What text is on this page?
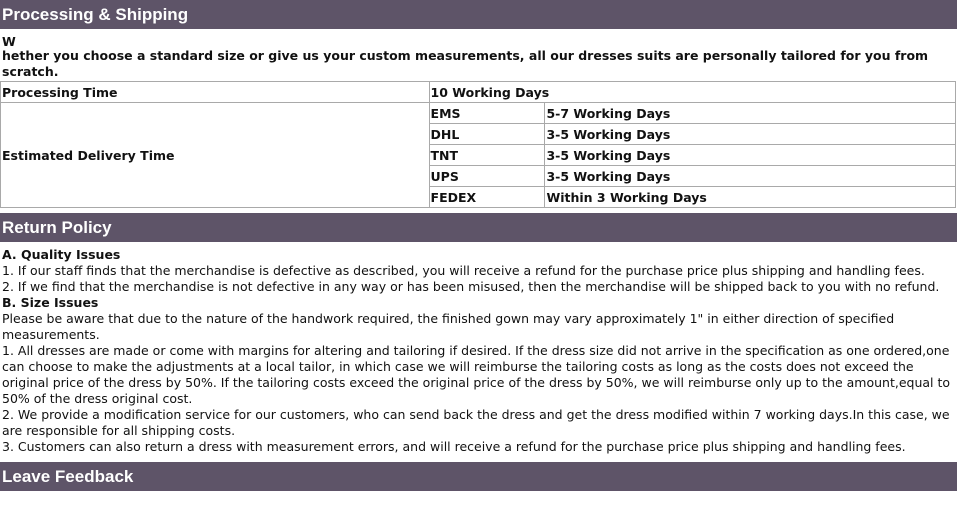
Processing & Shipping
W
hether you choose a standard size or give us your custom measurements, all our dresses suits are personally tailored for you from scratch.
Processing Time	10 Working Days	
Estimated Delivery Time	EMS	5-7 Working Days
	DHL	3-5 Working Days
	TNT	3-5 Working Days
	UPS	3-5 Working Days
	FEDEX	Within 3 Working Days
Return Policy
A. Quality Issues

1. If our staff finds that the merchandise is defective as described, you will receive a refund for the purchase price plus shipping and handling fees.

2. If we find that the merchandise is not defective in any way or has been misused, then the merchandise will be shipped back to you with no refund.

B. Size Issues

Please be aware that due to the nature of the handwork required, the finished gown may vary approximately 1" in either direction of specified measurements.

1. All dresses are made or come with margins for altering and tailoring if desired. If the dress size did not arrive in the specification as one ordered,one can choose to make the adjustments at a local tailor, in which case we will reimburse the tailoring costs as long as the costs does not exceed the original price of the dress by 50%. If the tailoring costs exceed the original price of the dress by 50%, we will reimburse only up to the amount,equal to 50% of the dress original cost.

2. We provide a modification service for our customers, who can send back the dress and get the dress modified within 7 working days.In this case, we are responsible for all shipping costs.

3. Customers can also return a dress with measurement errors, and will receive a refund for the purchase price plus shipping and handling fees.

Leave Feedback
